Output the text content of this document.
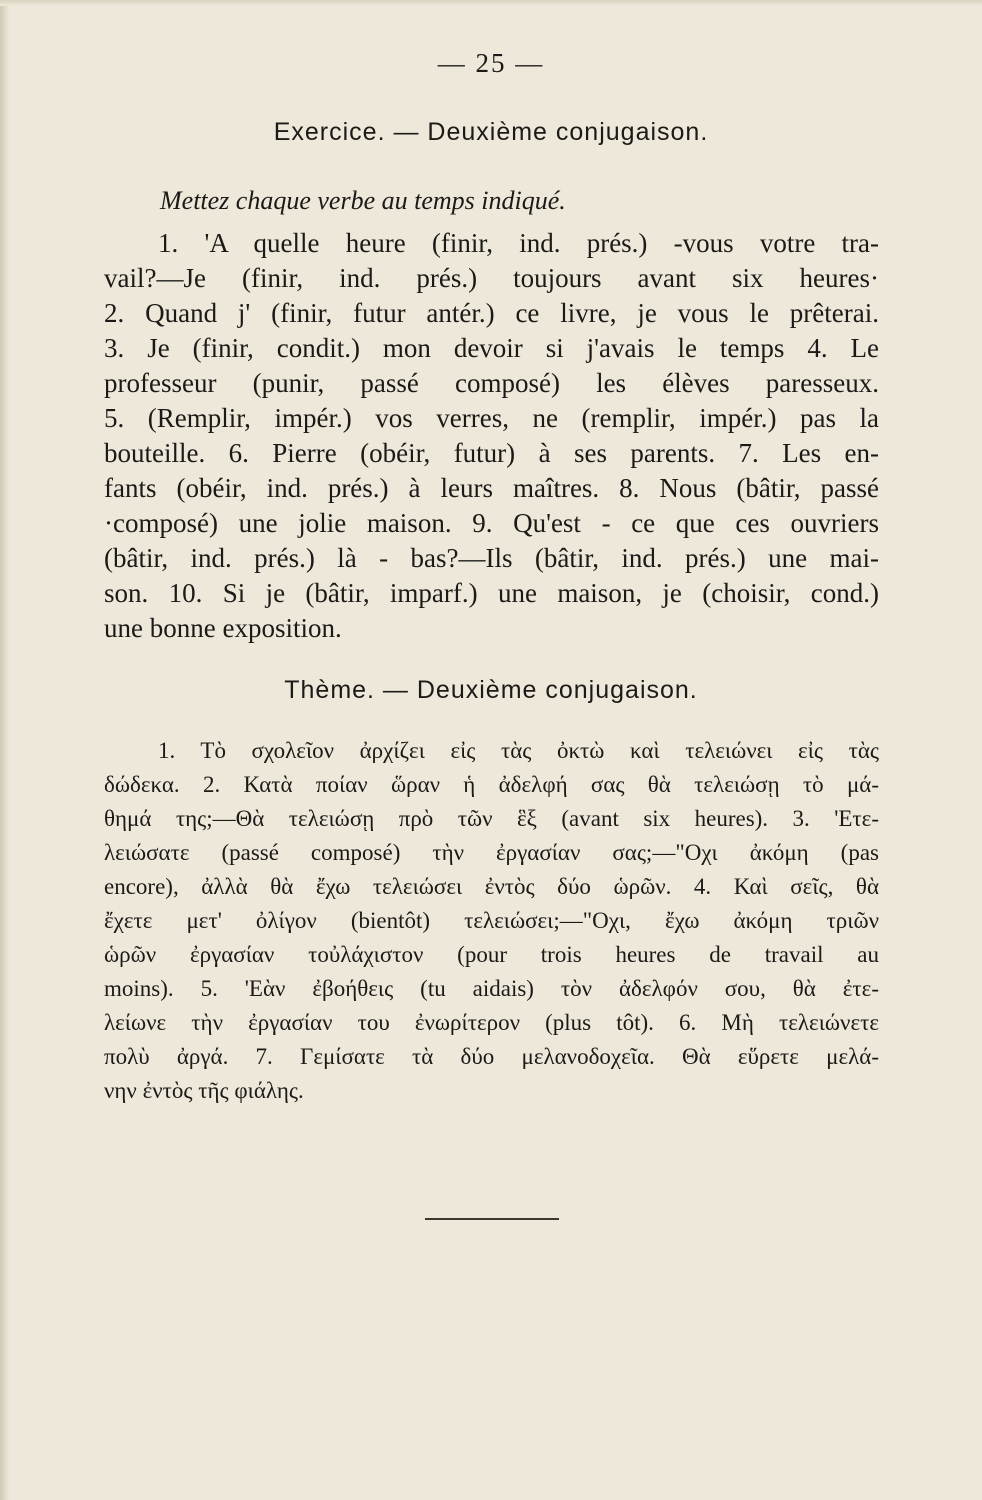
— 25 —
Exercice. — Deuxième conjugaison.
Mettez chaque verbe au temps indiqué.
1. 'A quelle heure (finir, ind. prés.) -vous votre tra-
vail?—Je (finir, ind. prés.) toujours avant six heures·
2. Quand j' (finir, futur antér.) ce livre, je vous le prêterai.
3. Je (finir, condit.) mon devoir si j'avais le temps 4. Le
professeur (punir, passé composé) les élèves paresseux.
5. (Remplir, impér.) vos verres, ne (remplir, impér.) pas la
bouteille. 6. Pierre (obéir, futur) à ses parents. 7. Les en-
fants (obéir, ind. prés.) à leurs maîtres. 8. Nous (bâtir, passé
·composé) une jolie maison. 9. Qu'est - ce que ces ouvriers
(bâtir, ind. prés.) là - bas?—Ils (bâtir, ind. prés.) une mai-
son. 10. Si je (bâtir, imparf.) une maison, je (choisir, cond.)
une bonne exposition.
Thème. — Deuxième conjugaison.
1. Τὸ σχολεῖον ἀρχίζει εἰς τὰς ὀκτὼ καὶ τελειώνει εἰς τὰς
δώδεκα. 2. Κατὰ ποίαν ὥραν ἡ ἀδελφή σας θὰ τελειώσῃ τὸ μά-
θημά της;—Θὰ τελειώσῃ πρὸ τῶν ἓξ (avant six heures). 3. 'Ετε-
λειώσατε (passé composé) τὴν ἐργασίαν σας;—"Οχι ἀκόμη (pas
encore), ἀλλὰ θὰ ἔχω τελειώσει ἐντὸς δύο ὡρῶν. 4. Καὶ σεῖς, θὰ
ἔχετε μετ' ὀλίγον (bientôt) τελειώσει;—"Οχι, ἔχω ἀκόμη τριῶν
ὡρῶν ἐργασίαν τοὐλάχιστον (pour trois heures de travail au
moins). 5. 'Εὰν ἐβοήθεις (tu aidais) τὸν ἀδελφόν σου, θὰ ἐτε-
λείωνε τὴν ἐργασίαν του ἐνωρίτερον (plus tôt). 6. Μὴ τελειώνετε
πολὺ ἀργά. 7. Γεμίσατε τὰ δύο μελανοδοχεῖα. Θὰ εὕρετε μελά-
νην ἐντὸς τῆς φιάλης.
